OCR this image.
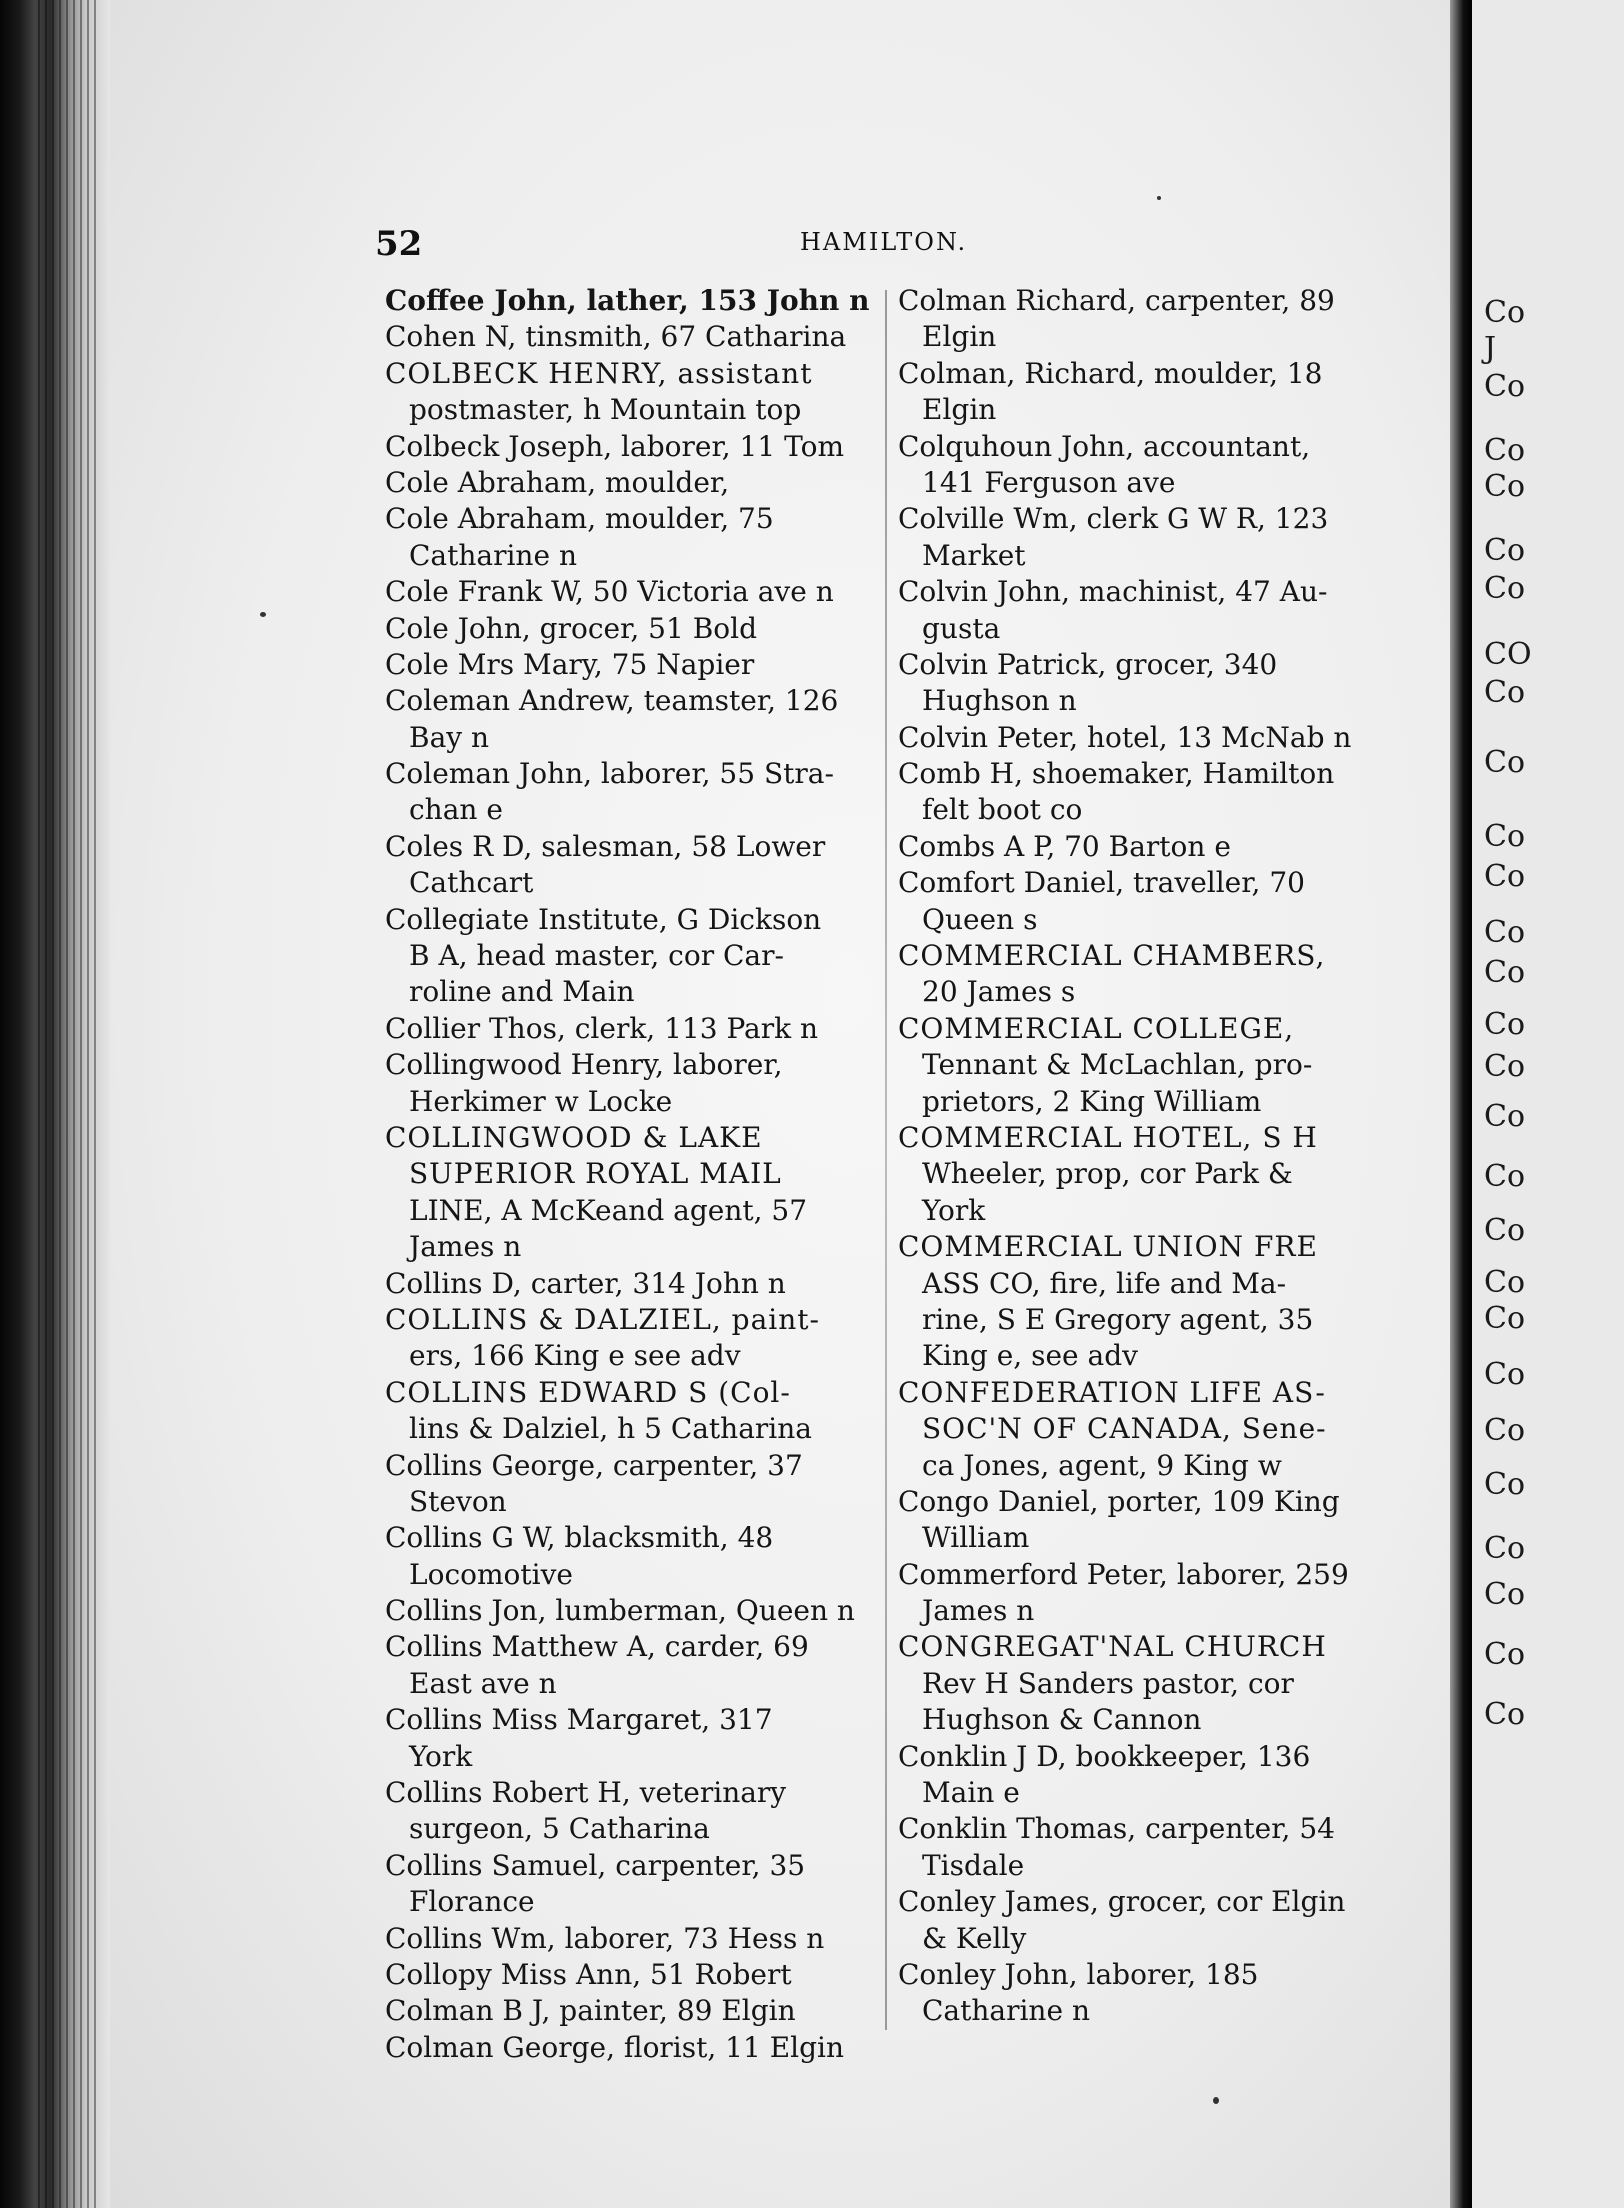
Co
J
Co
Co
Co
Co
Co
CO
Co
Co
Co
Co
Co
Co
Co
Co
Co
Co
Co
Co
Co
Co
Co
Co
Co
Co
Co
Co
52	HAMILTON.
Coffee John, lather, 153 John n
Cohen N, tinsmith, 67 Catharina
COLBECK HENRY, assistant
postmaster, h Mountain top
Colbeck Joseph, laborer, 11 Tom
Cole Abraham, moulder,
Cole Abraham, moulder, 75
Catharine n
Cole Frank W, 50 Victoria ave n
Cole John, grocer, 51 Bold
Cole Mrs Mary, 75 Napier
Coleman Andrew, teamster, 126
Bay n
Coleman John, laborer, 55 Stra-
chan e
Coles R D, salesman, 58 Lower
Cathcart
Collegiate Institute, G Dickson
B A, head master, cor Car-
roline and Main
Collier Thos, clerk, 113 Park n
Collingwood Henry, laborer,
Herkimer w Locke
COLLINGWOOD & LAKE
SUPERIOR ROYAL MAIL
LINE, A McKeand agent, 57
James n
Collins D, carter, 314 John n
COLLINS & DALZIEL, paint-
ers, 166 King e see adv
COLLINS EDWARD S (Col-
lins & Dalziel, h 5 Catharina
Collins George, carpenter, 37
Stevon
Collins G W, blacksmith, 48
Locomotive
Collins Jon, lumberman, Queen n
Collins Matthew A, carder, 69
East ave n
Collins Miss Margaret, 317
York
Collins Robert H, veterinary
surgeon, 5 Catharina
Collins Samuel, carpenter, 35
Florance
Collins Wm, laborer, 73 Hess n
Collopy Miss Ann, 51 Robert
Colman B J, painter, 89 Elgin
Colman George, florist, 11 Elgin
Colman Richard, carpenter, 89
Elgin
Colman, Richard, moulder, 18
Elgin
Colquhoun John, accountant,
141 Ferguson ave
Colville Wm, clerk G W R, 123
Market
Colvin John, machinist, 47 Au-
gusta
Colvin Patrick, grocer, 340
Hughson n
Colvin Peter, hotel, 13 McNab n
Comb H, shoemaker, Hamilton
felt boot co
Combs A P, 70 Barton e
Comfort Daniel, traveller, 70
Queen s
COMMERCIAL CHAMBERS,
20 James s
COMMERCIAL COLLEGE,
Tennant & McLachlan, pro-
prietors, 2 King William
COMMERCIAL HOTEL, S H
Wheeler, prop, cor Park &
York
COMMERCIAL UNION FRE
ASS CO, fire, life and Ma-
rine, S E Gregory agent, 35
King e, see adv
CONFEDERATION LIFE AS-
SOC'N OF CANADA, Sene-
ca Jones, agent, 9 King w
Congo Daniel, porter, 109 King
William
Commerford Peter, laborer, 259
James n
CONGREGAT'NAL CHURCH
Rev H Sanders pastor, cor
Hughson & Cannon
Conklin J D, bookkeeper, 136
Main e
Conklin Thomas, carpenter, 54
Tisdale
Conley James, grocer, cor Elgin
& Kelly
Conley John, laborer, 185
Catharine n
